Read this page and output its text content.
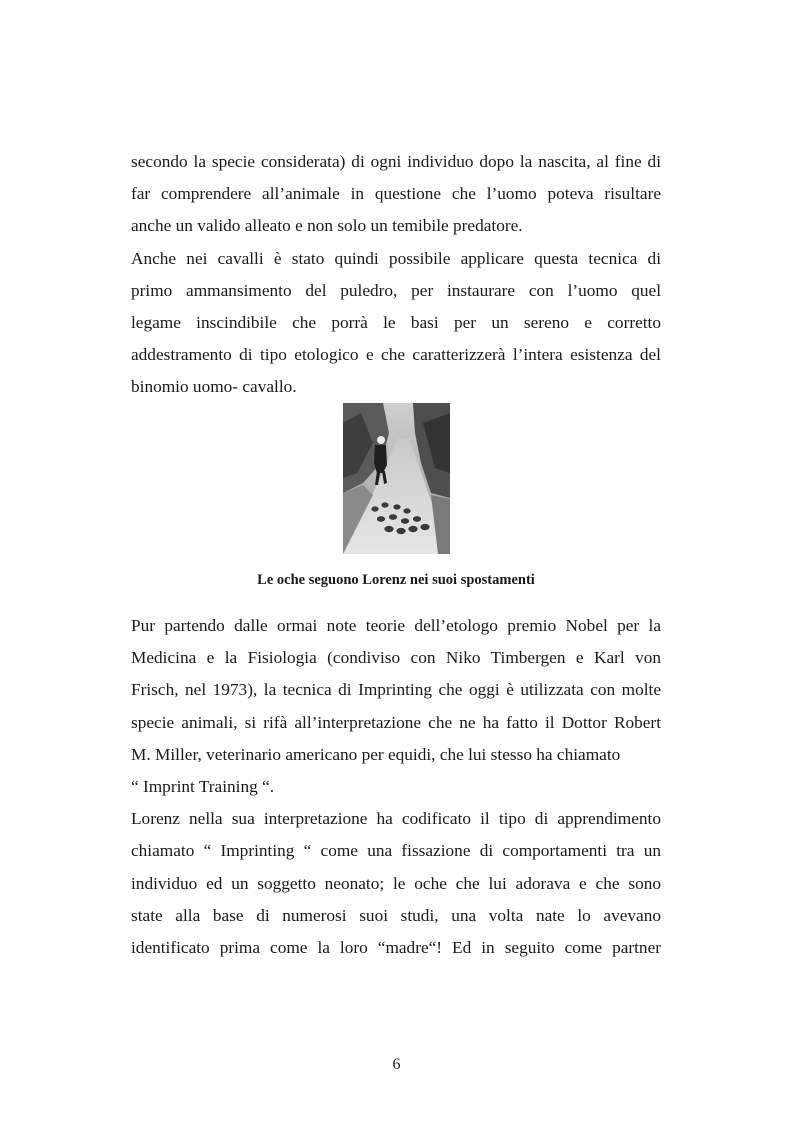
secondo la specie considerata) di ogni individuo dopo la nascita, al fine di
far comprendere all’animale in questione che l’uomo poteva risultare
anche un valido alleato e non solo un temibile predatore.
Anche nei cavalli è stato quindi possibile applicare questa tecnica di
primo ammansimento del puledro, per instaurare con l’uomo quel
legame inscindibile che porrà le basi per un sereno e corretto
addestramento di tipo etologico e che caratterizzerà l’intera esistenza del
binomio uomo- cavallo.
Le oche seguono Lorenz nei suoi spostamenti
Pur partendo dalle ormai note teorie dell’etologo premio Nobel per la
Medicina e la Fisiologia (condiviso con Niko Timbergen e Karl von
Frisch, nel 1973), la tecnica di Imprinting che oggi è utilizzata con molte
specie animali, si rifà all’interpretazione che ne ha fatto il Dottor Robert
M. Miller, veterinario americano per equidi, che lui stesso ha chiamato
“ Imprint Training “.
Lorenz nella sua interpretazione ha codificato il tipo di apprendimento
chiamato “ Imprinting “ come una fissazione di comportamenti tra un
individuo ed un soggetto neonato; le oche che lui adorava e che sono
state alla base di numerosi suoi studi, una volta nate lo avevano
identificato prima come la loro “madre“! Ed in seguito come partner
6
